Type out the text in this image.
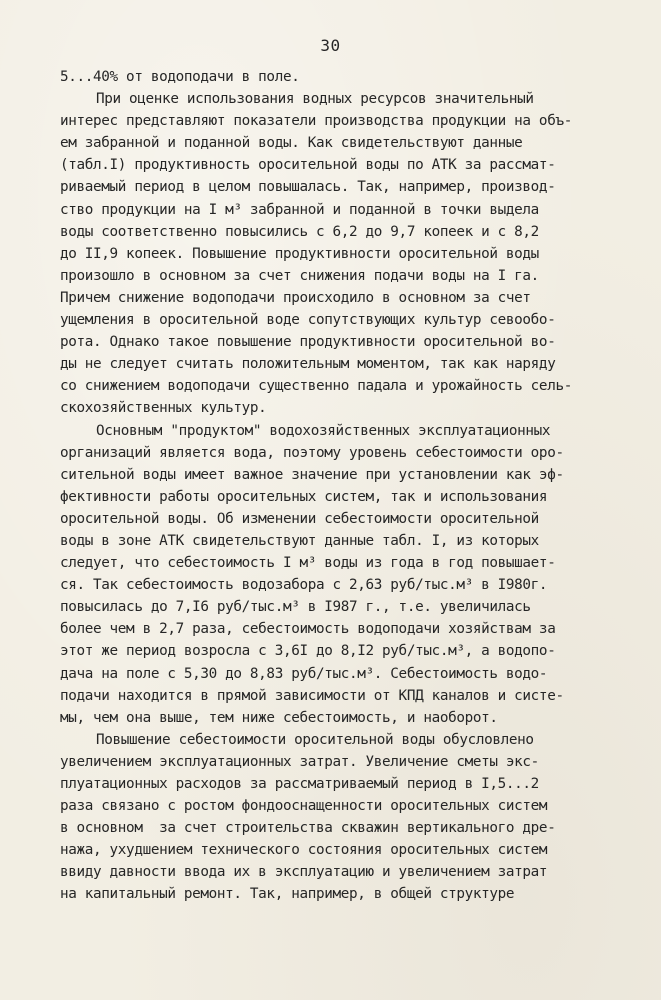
30
5...40% от водоподачи в поле.
При оценке использования водных ресурсов значительный
интерес представляют показатели производства продукции на объ-
ем забранной и поданной воды. Как свидетельствуют данные
(табл.I) продуктивность оросительной воды по АТК за рассмат-
риваемый период в целом повышалась. Так, например, производ-
ство продукции на I м³ забранной и поданной в точки выдела
воды соответственно повысились с 6,2 до 9,7 копеек и с 8,2
до II,9 копеек. Повышение продуктивности оросительной воды
произошло в основном за счет снижения подачи воды на I га.
Причем снижение водоподачи происходило в основном за счет
ущемления в оросительной воде сопутствующих культур севообо-
рота. Однако такое повышение продуктивности оросительной во-
ды не следует считать положительным моментом, так как наряду
со снижением водоподачи существенно падала и урожайность сель-
скохозяйственных культур.
Основным "продуктом" водохозяйственных эксплуатационных
организаций является вода, поэтому уровень себестоимости оро-
сительной воды имеет важное значение при установлении как эф-
фективности работы оросительных систем, так и использования
оросительной воды. Об изменении себестоимости оросительной
воды в зоне АТК свидетельствуют данные табл. I, из которых
следует, что себестоимость I м³ воды из года в год повышает-
ся. Так себестоимость водозабора с 2,63 руб/тыс.м³ в I980г.
повысилась до 7,I6 руб/тыс.м³ в I987 г., т.е. увеличилась
более чем в 2,7 раза, себестоимость водоподачи хозяйствам за
этот же период возросла с 3,6I до 8,I2 руб/тыс.м³, а водопо-
дача на поле с 5,30 до 8,83 руб/тыс.м³. Себестоимость водо-
подачи находится в прямой зависимости от КПД каналов и систе-
мы, чем она выше, тем ниже себестоимость, и наоборот.
Повышение себестоимости оросительной воды обусловлено
увеличением эксплуатационных затрат. Увеличение сметы экс-
плуатационных расходов за рассматриваемый период в I,5...2
раза связано с ростом фондооснащенности оросительных систем
в основном  за счет строительства скважин вертикального дре-
нажа, ухудшением технического состояния оросительных систем
ввиду давности ввода их в эксплуатацию и увеличением затрат
на капитальный ремонт. Так, например, в общей структуре
